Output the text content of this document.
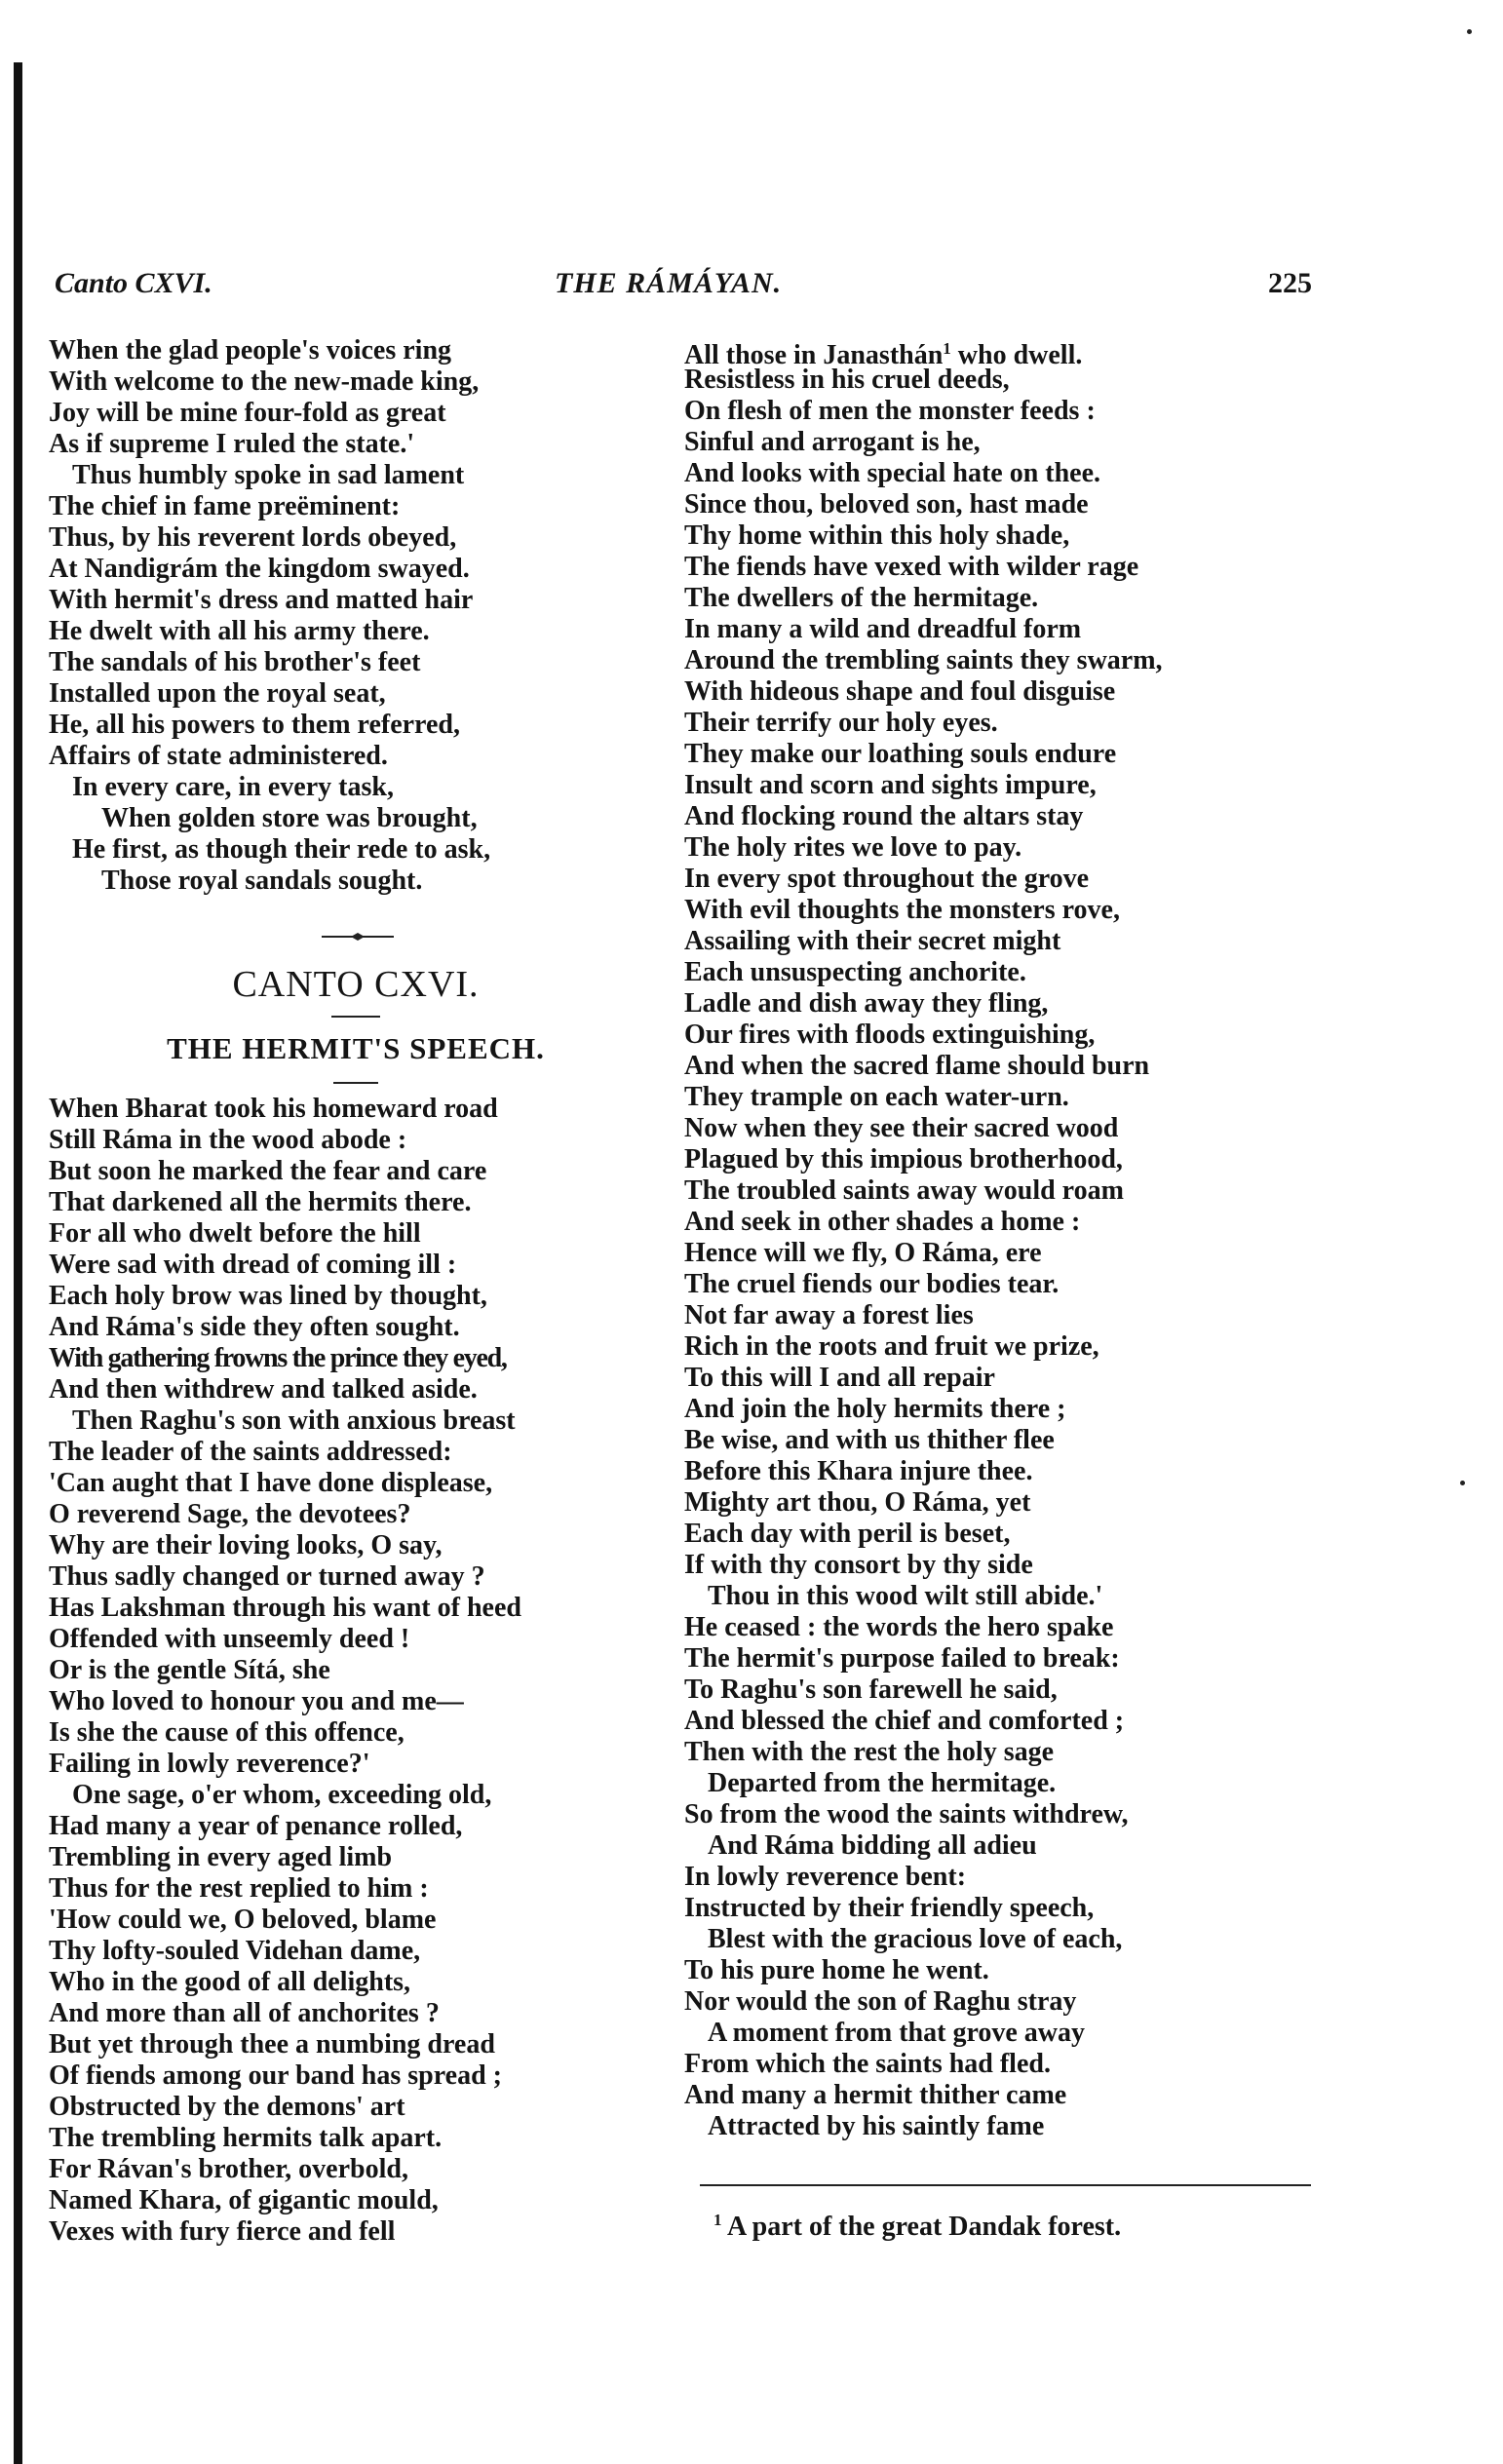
Canto CXVI.	THE RÁMÁYAN.	225
When the glad people's voices ring
With welcome to the new-made king,
Joy will be mine four-fold as great
As if supreme I ruled the state.'
Thus humbly spoke in sad lament
The chief in fame preëminent:
Thus, by his reverent lords obeyed,
At Nandigrám the kingdom swayed.
With hermit's dress and matted hair
He dwelt with all his army there.
The sandals of his brother's feet
Installed upon the royal seat,
He, all his powers to them referred,
Affairs of state administered.
In every care, in every task,
When golden store was brought,
He first, as though their rede to ask,
Those royal sandals sought.
CANTO CXVI.
THE HERMIT'S SPEECH.
When Bharat took his homeward road
Still Ráma in the wood abode :
But soon he marked the fear and care
That darkened all the hermits there.
For all who dwelt before the hill
Were sad with dread of coming ill :
Each holy brow was lined by thought,
And Ráma's side they often sought.
With gathering frowns the prince they eyed,
And then withdrew and talked aside.
Then Raghu's son with anxious breast
The leader of the saints addressed:
'Can aught that I have done displease,
O reverend Sage, the devotees?
Why are their loving looks, O say,
Thus sadly changed or turned away ?
Has Lakshman through his want of heed
Offended with unseemly deed !
Or is the gentle Sítá, she
Who loved to honour you and me—
Is she the cause of this offence,
Failing in lowly reverence?'
One sage, o'er whom, exceeding old,
Had many a year of penance rolled,
Trembling in every aged limb
Thus for the rest replied to him :
'How could we, O beloved, blame
Thy lofty-souled Videhan dame,
Who in the good of all delights,
And more than all of anchorites ?
But yet through thee a numbing dread
Of fiends among our band has spread ;
Obstructed by the demons' art
The trembling hermits talk apart.
For Rávan's brother, overbold,
Named Khara, of gigantic mould,
Vexes with fury fierce and fell
All those in Janasthán$^1$ who dwell.
Resistless in his cruel deeds,
On flesh of men the monster feeds :
Sinful and arrogant is he,
And looks with special hate on thee.
Since thou, beloved son, hast made
Thy home within this holy shade,
The fiends have vexed with wilder rage
The dwellers of the hermitage.
In many a wild and dreadful form
Around the trembling saints they swarm,
With hideous shape and foul disguise
Their terrify our holy eyes.
They make our loathing souls endure
Insult and scorn and sights impure,
And flocking round the altars stay
The holy rites we love to pay.
In every spot throughout the grove
With evil thoughts the monsters rove,
Assailing with their secret might
Each unsuspecting anchorite.
Ladle and dish away they fling,
Our fires with floods extinguishing,
And when the sacred flame should burn
They trample on each water-urn.
Now when they see their sacred wood
Plagued by this impious brotherhood,
The troubled saints away would roam
And seek in other shades a home :
Hence will we fly, O Ráma, ere
The cruel fiends our bodies tear.
Not far away a forest lies
Rich in the roots and fruit we prize,
To this will I and all repair
And join the holy hermits there ;
Be wise, and with us thither flee
Before this Khara injure thee.
Mighty art thou, O Ráma, yet
Each day with peril is beset,
If with thy consort by thy side
Thou in this wood wilt still abide.'
He ceased : the words the hero spake
The hermit's purpose failed to break:
To Raghu's son farewell he said,
And blessed the chief and comforted ;
Then with the rest the holy sage
Departed from the hermitage.
So from the wood the saints withdrew,
And Ráma bidding all adieu
In lowly reverence bent:
Instructed by their friendly speech,
Blest with the gracious love of each,
To his pure home he went.
Nor would the son of Raghu stray
A moment from that grove away
From which the saints had fled.
And many a hermit thither came
Attracted by his saintly fame
$^1$ A part of the great Dandak forest.
